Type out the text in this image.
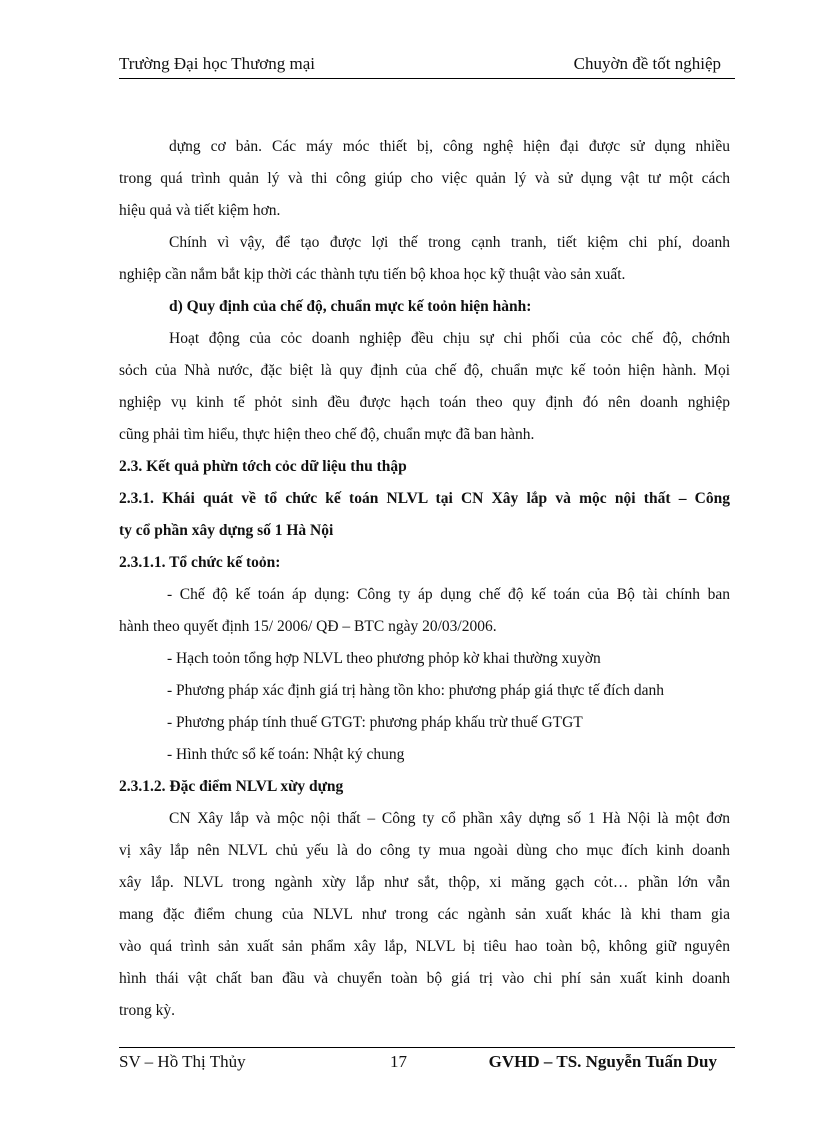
Trường Đại học Thương mại	Chuyờn đề tốt nghiệp
dựng cơ bản. Các máy móc thiết bị, công nghệ hiện đại được sử dụng nhiều
trong quá trình quản lý và thi công giúp cho việc quản lý và sử dụng vật tư một cách
hiệu quả và tiết kiệm hơn.
Chính vì vậy, để tạo được lợi thế trong cạnh tranh, tiết kiệm chi phí, doanh
nghiệp cần nắm bắt kịp thời các thành tựu tiến bộ khoa học kỹ thuật vào sản xuất.
d) Quy định của chế độ, chuẩn mực kế toỏn hiện hành:
Hoạt động của cỏc doanh nghiệp đều chịu sự chi phối của cỏc chế độ, chớnh
sỏch của Nhà nước, đặc biệt là quy định của chế độ, chuẩn mực kế toỏn hiện hành. Mọi
nghiệp vụ kinh tế phỏt sinh đều được hạch toán theo quy định đó nên doanh nghiệp
cũng phải tìm hiểu, thực hiện theo chế độ, chuẩn mực đã ban hành.
2.3. Kết quả phừn tớch cỏc dữ liệu thu thập
2.3.1. Khái quát về tổ chức kế toán NLVL tại CN Xây lắp và mộc nội thất – Công
ty cổ phần xây dựng số 1 Hà Nội
2.3.1.1. Tổ chức kế toỏn:
- Chế độ kế toán áp dụng: Công ty áp dụng chế độ kế toán của Bộ tài chính ban
hành theo quyết định 15/ 2006/ QĐ – BTC ngày 20/03/2006.
- Hạch toỏn tổng hợp NLVL theo phương phỏp kờ khai thường xuyờn
- Phương pháp xác định giá trị hàng tồn kho: phương pháp giá thực tế đích danh
- Phương pháp tính thuế GTGT: phương pháp khấu trừ thuế GTGT
- Hình thức sổ kế toán: Nhật ký chung
2.3.1.2. Đặc điểm NLVL xừy dựng
CN Xây lắp và mộc nội thất – Công ty cổ phần xây dựng số 1 Hà Nội là một đơn
vị xây lắp nên NLVL chủ yếu là do công ty mua ngoài dùng cho mục đích kinh doanh
xây lắp. NLVL trong ngành xừy lắp như sắt, thộp, xi măng gạch cỏt… phần lớn vẫn
mang đặc điểm chung của NLVL như trong các ngành sản xuất khác là khi tham gia
vào quá trình sản xuất sản phẩm xây lắp, NLVL bị tiêu hao toàn bộ, không giữ nguyên
hình thái vật chất ban đầu và chuyển toàn bộ giá trị vào chi phí sản xuất kinh doanh
trong kỳ.
SV – Hồ Thị Thủy	17	GVHD – TS. Nguyễn Tuấn Duy
